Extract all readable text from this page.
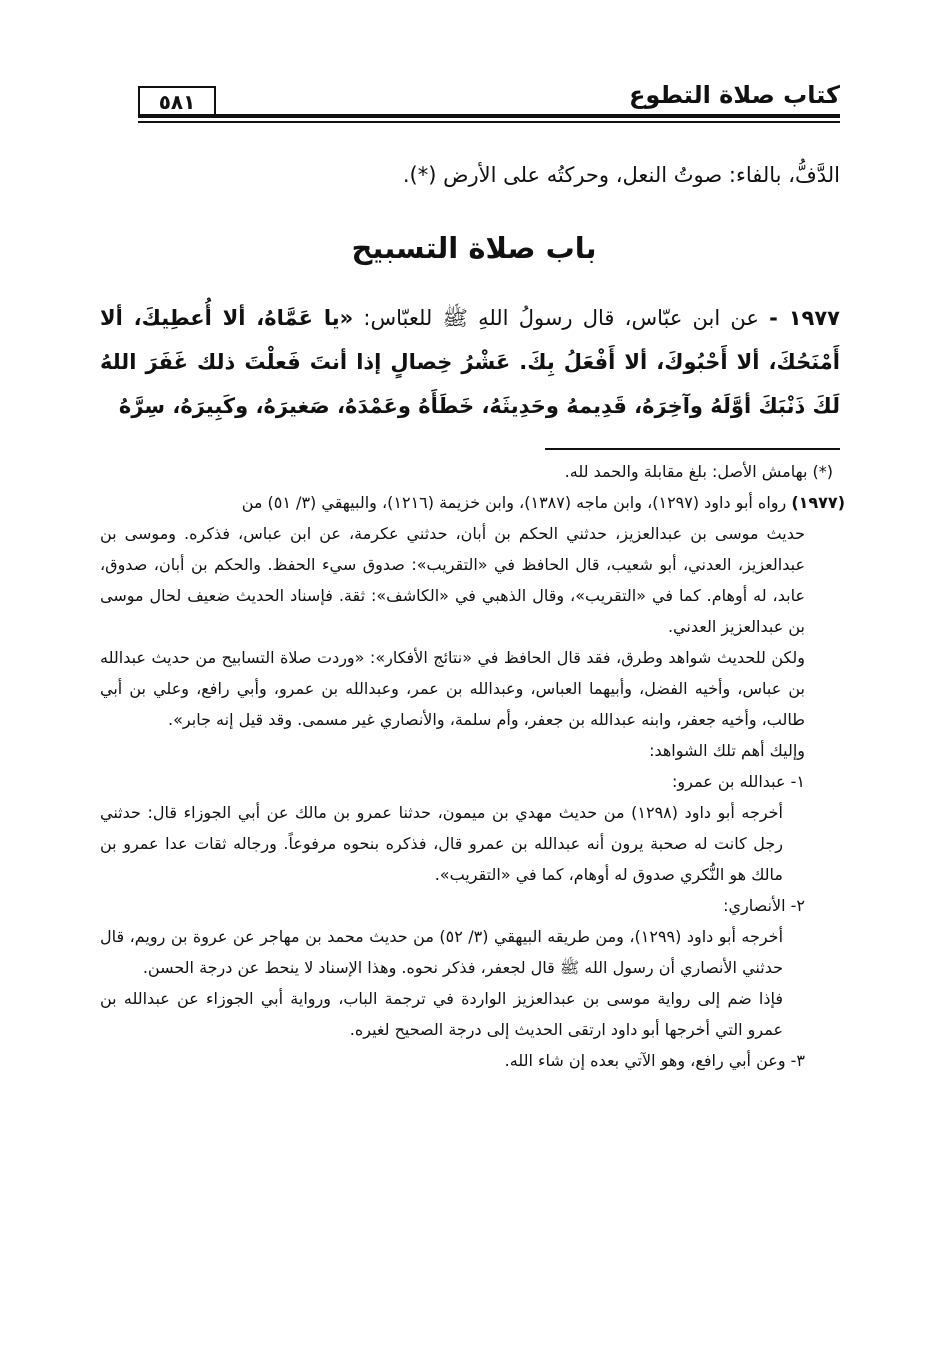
كتاب صلاة التطوع
٥٨١

الدَّفُّ، بالفاء: صوتُ النعل، وحركتُه على الأرض (*).

باب صلاة التسبيح
١٩٧٧ - عن ابن عبّاس، قال رسولُ اللهِ ﷺ للعبّاس: «يا عَمَّاهُ، ألا أُعطِيكَ، ألا أَمْنَحُكَ، ألا أَحْبُوكَ، ألا أَفْعَلُ بِكَ. عَشْرُ خِصالٍ إذا أنتَ فَعلْتَ ذلك غَفَرَ اللهُ لَكَ ذَنْبَكَ أوَّلَهُ وآخِرَهُ، قَدِيمهُ وحَدِيثَهُ، خَطَأَهُ وعَمْدَهُ، صَغيرَهُ، وكَبِيرَهُ، سِرَّهُ

(*) بهامش الأصل: بلغ مقابلة والحمد لله.

(١٩٧٧) رواه أبو داود (١٢٩٧)، وابن ماجه (١٣٨٧)، وابن خزيمة (١٢١٦)، والبيهقي (٣/ ٥١) من

حديث موسى بن عبدالعزيز، حدثني الحكم بن أبان، حدثني عكرمة، عن ابن عباس، فذكره. وموسى بن عبدالعزيز، العدني، أبو شعيب، قال الحافظ في «التقريب»: صدوق سيء الحفظ. والحكم بن أبان، صدوق، عابد، له أوهام. كما في «التقريب»، وقال الذهبي في «الكاشف»: ثقة. فإسناد الحديث ضعيف لحال موسى بن عبدالعزيز العدني.

ولكن للحديث شواهد وطرق، فقد قال الحافظ في «نتائج الأفكار»: «وردت صلاة التسابيح من حديث عبدالله بن عباس، وأخيه الفضل، وأبيهما العباس، وعبدالله بن عمر، وعبدالله بن عمرو، وأبي رافع، وعلي بن أبي طالب، وأخيه جعفر، وابنه عبدالله بن جعفر، وأم سلمة، والأنصاري غير مسمى. وقد قيل إنه جابر».

وإليك أهم تلك الشواهد:

١- عبدالله بن عمرو:

أخرجه أبو داود (١٢٩٨) من حديث مهدي بن ميمون، حدثنا عمرو بن مالك عن أبي الجوزاء قال: حدثني رجل كانت له صحبة يرون أنه عبدالله بن عمرو قال، فذكره بنحوه مرفوعاً. ورجاله ثقات عدا عمرو بن مالك هو النُّكري صدوق له أوهام، كما في «التقريب».

٢- الأنصاري:

أخرجه أبو داود (١٢٩٩)، ومن طريقه البيهقي (٣/ ٥٢) من حديث محمد بن مهاجر عن عروة بن رويم، قال حدثني الأنصاري أن رسول الله ﷺ قال لجعفر، فذكر نحوه. وهذا الإسناد لا ينحط عن درجة الحسن.

فإذا ضم إلى رواية موسى بن عبدالعزيز الواردة في ترجمة الباب، ورواية أبي الجوزاء عن عبدالله بن عمرو التي أخرجها أبو داود ارتقى الحديث إلى درجة الصحيح لغيره.

٣- وعن أبي رافع، وهو الآتي بعده إن شاء الله.
